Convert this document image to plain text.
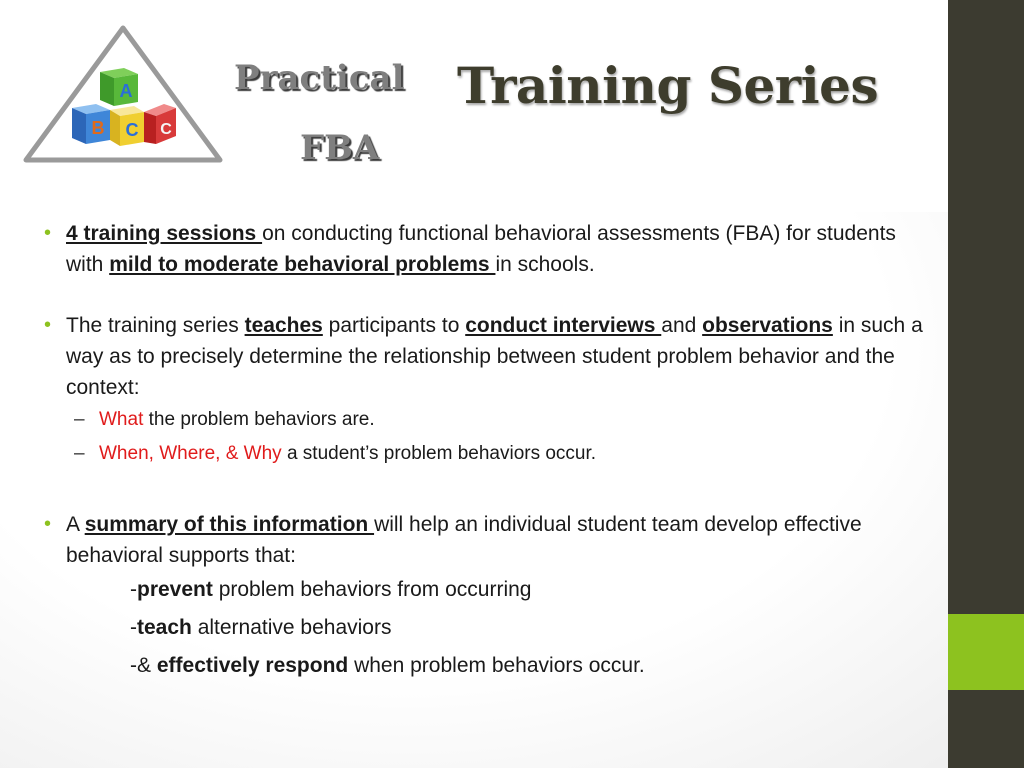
A
B C C
Practical
FBA
Training Series

• 4 training sessions on conducting functional behavioral assessments (FBA) for students with mild to moderate behavioral problems in schools.

• The training series teaches participants to conduct interviews and observations in such a way as to precisely determine the relationship between student problem behavior and the context:

– What the problem behaviors are.

– When, Where, & Why a student’s problem behaviors occur.

• A summary of this information will help an individual student team develop effective behavioral supports that:

-prevent problem behaviors from occurring

-teach alternative behaviors

-& effectively respond when problem behaviors occur.
